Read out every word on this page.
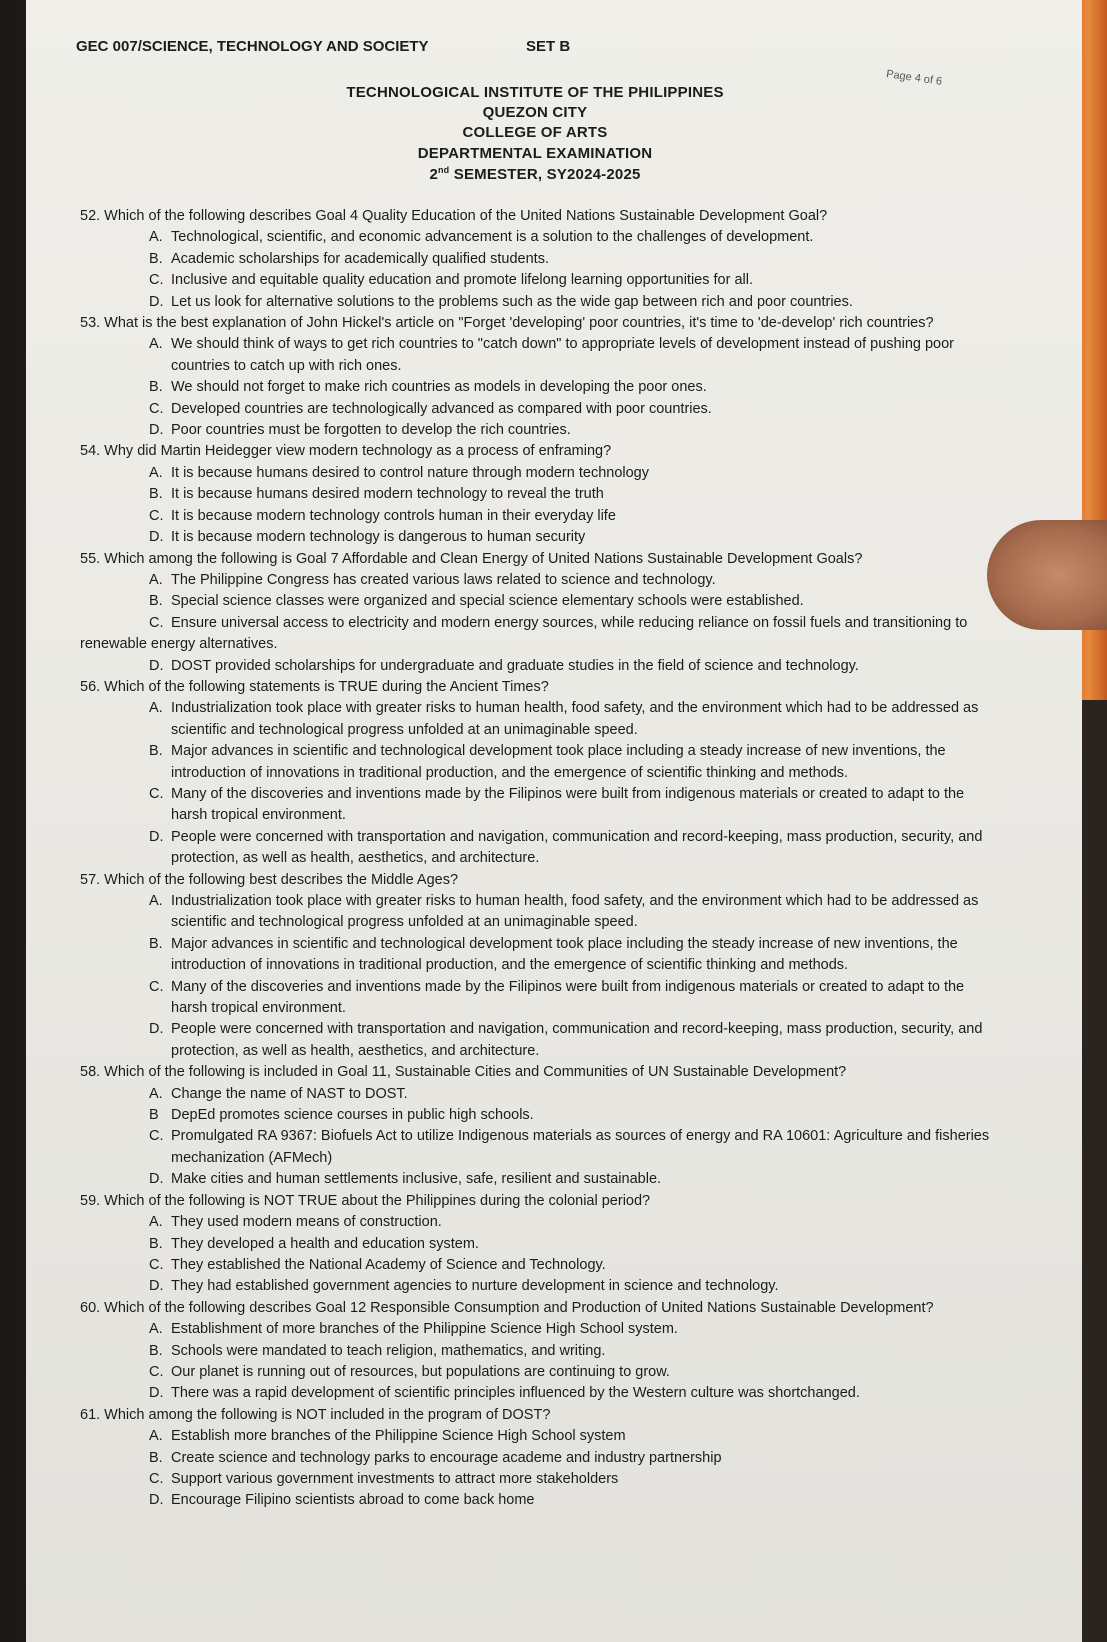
GEC 007/SCIENCE, TECHNOLOGY AND SOCIETY	SET B
Page 4 of 6
TECHNOLOGICAL INSTITUTE OF THE PHILIPPINES
QUEZON CITY
COLLEGE OF ARTS
DEPARTMENTAL EXAMINATION
2nd SEMESTER, SY2024-2025

52. Which of the following describes Goal 4 Quality Education of the United Nations Sustainable Development Goal?

A. Technological, scientific, and economic advancement is a solution to the challenges of development.

B. Academic scholarships for academically qualified students.

C. Inclusive and equitable quality education and promote lifelong learning opportunities for all.

D. Let us look for alternative solutions to the problems such as the wide gap between rich and poor countries.

53. What is the best explanation of John Hickel's article on "Forget 'developing' poor countries, it's time to 'de-develop' rich countries?

A. We should think of ways to get rich countries to "catch down" to appropriate levels of development instead of pushing poor countries to catch up with rich ones.

B. We should not forget to make rich countries as models in developing the poor ones.

C. Developed countries are technologically advanced as compared with poor countries.

D. Poor countries must be forgotten to develop the rich countries.

54. Why did Martin Heidegger view modern technology as a process of enframing?

A. It is because humans desired to control nature through modern technology

B. It is because humans desired modern technology to reveal the truth

C. It is because modern technology controls human in their everyday life

D. It is because modern technology is dangerous to human security

55. Which among the following is Goal 7 Affordable and Clean Energy of United Nations Sustainable Development Goals?

A. The Philippine Congress has created various laws related to science and technology.

B. Special science classes were organized and special science elementary schools were established.

C. Ensure universal access to electricity and modern energy sources, while reducing reliance on fossil fuels and transitioning to

renewable energy alternatives.

D. DOST provided scholarships for undergraduate and graduate studies in the field of science and technology.

56. Which of the following statements is TRUE during the Ancient Times?

A. Industrialization took place with greater risks to human health, food safety, and the environment which had to be addressed as scientific and technological progress unfolded at an unimaginable speed.

B. Major advances in scientific and technological development took place including a steady increase of new inventions, the introduction of innovations in traditional production, and the emergence of scientific thinking and methods.

C. Many of the discoveries and inventions made by the Filipinos were built from indigenous materials or created to adapt to the harsh tropical environment.

D. People were concerned with transportation and navigation, communication and record-keeping, mass production, security, and protection, as well as health, aesthetics, and architecture.

57. Which of the following best describes the Middle Ages?

A. Industrialization took place with greater risks to human health, food safety, and the environment which had to be addressed as scientific and technological progress unfolded at an unimaginable speed.

B. Major advances in scientific and technological development took place including the steady increase of new inventions, the introduction of innovations in traditional production, and the emergence of scientific thinking and methods.

C. Many of the discoveries and inventions made by the Filipinos were built from indigenous materials or created to adapt to the harsh tropical environment.

D. People were concerned with transportation and navigation, communication and record-keeping, mass production, security, and protection, as well as health, aesthetics, and architecture.

58. Which of the following is included in Goal 11, Sustainable Cities and Communities of UN Sustainable Development?

A. Change the name of NAST to DOST.

B DepEd promotes science courses in public high schools.

C. Promulgated RA 9367: Biofuels Act to utilize Indigenous materials as sources of energy and RA 10601: Agriculture and fisheries mechanization (AFMech)

D. Make cities and human settlements inclusive, safe, resilient and sustainable.

59. Which of the following is NOT TRUE about the Philippines during the colonial period?

A. They used modern means of construction.

B. They developed a health and education system.

C. They established the National Academy of Science and Technology.

D. They had established government agencies to nurture development in science and technology.

60. Which of the following describes Goal 12 Responsible Consumption and Production of United Nations Sustainable Development?

A. Establishment of more branches of the Philippine Science High School system.

B. Schools were mandated to teach religion, mathematics, and writing.

C. Our planet is running out of resources, but populations are continuing to grow.

D. There was a rapid development of scientific principles influenced by the Western culture was shortchanged.

61. Which among the following is NOT included in the program of DOST?

A. Establish more branches of the Philippine Science High School system

B. Create science and technology parks to encourage academe and industry partnership

C. Support various government investments to attract more stakeholders

D. Encourage Filipino scientists abroad to come back home
